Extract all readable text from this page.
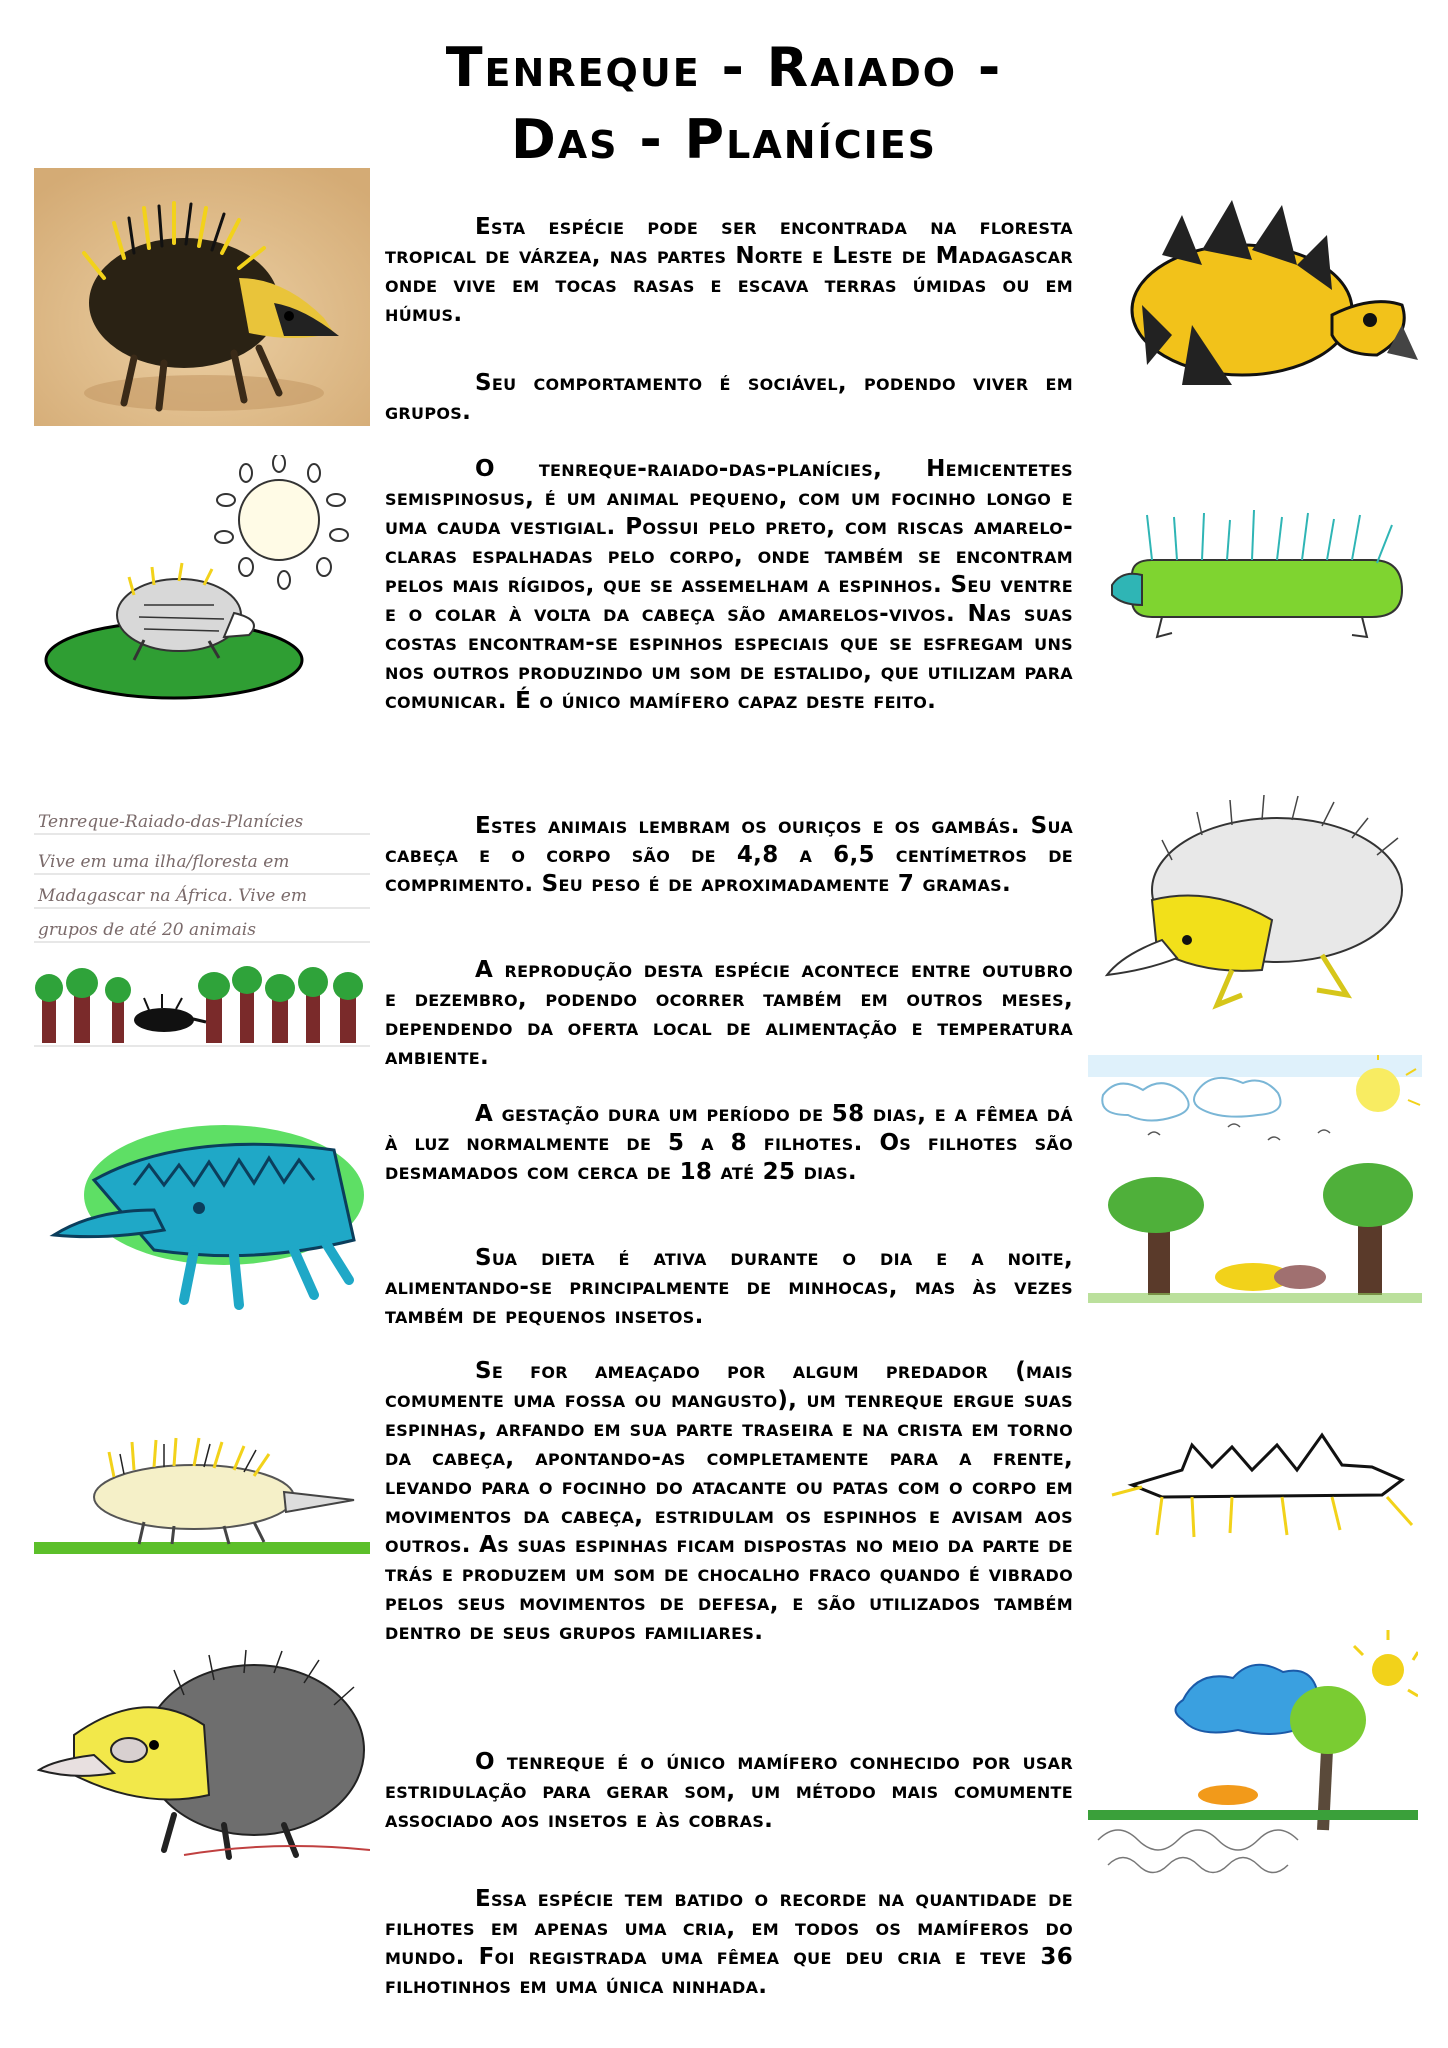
Tenreque - Raiado -
Das - Planícies

Esta espécie pode ser encontrada na floresta tropical de várzea, nas partes Norte e Leste de Madagascar onde vive em tocas rasas e escava terras úmidas ou em húmus.

Seu comportamento é sociável, podendo viver em grupos.

O tenreque-raiado-das-planícies, Hemicentetes semispinosus, é um animal pequeno, com um focinho longo e uma cauda vestigial. Possui pelo preto, com riscas amarelo-claras espalhadas pelo corpo, onde também se encontram pelos mais rígidos, que se assemelham a espinhos. Seu ventre e o colar à volta da cabeça são amarelos-vivos. Nas suas costas encontram-se espinhos especiais que se esfregam uns nos outros produzindo um som de estalido, que utilizam para comunicar. É o único mamífero capaz deste feito.

Estes animais lembram os ouriços e os gambás. Sua cabeça e o corpo são de 4,8 a 6,5 centímetros de comprimento. Seu peso é de aproximadamente 7 gramas.

A reprodução desta espécie acontece entre outubro e dezembro, podendo ocorrer também em outros meses, dependendo da oferta local de alimentação e temperatura ambiente.

A gestação dura um período de 58 dias, e a fêmea dá à luz normalmente de 5 a 8 filhotes. Os filhotes são desmamados com cerca de 18 até 25 dias.

Sua dieta é ativa durante o dia e a noite, alimentando-se principalmente de minhocas, mas às vezes também de pequenos insetos.

Se for ameaçado por algum predador (mais comumente uma fossa ou mangusto), um tenreque ergue suas espinhas, arfando em sua parte traseira e na crista em torno da cabeça, apontando-as completamente para a frente, levando para o focinho do atacante ou patas com o corpo em movimentos da cabeça, estridulam os espinhos e avisam aos outros. As suas espinhas ficam dispostas no meio da parte de trás e produzem um som de chocalho fraco quando é vibrado pelos seus movimentos de defesa, e são utilizados também dentro de seus grupos familiares.

O tenreque é o único mamífero conhecido por usar estridulação para gerar som, um método mais comumente associado aos insetos e às cobras.

Essa espécie tem batido o recorde na quantidade de filhotes em apenas uma cria, em todos os mamíferos do mundo. Foi registrada uma fêmea que deu cria e teve 36 filhotinhos em uma única ninhada.

Tenreque-Raiado-das-Planícies
Vive em uma ilha/floresta em
Madagascar na África. Vive em
grupos de até 20 animais
